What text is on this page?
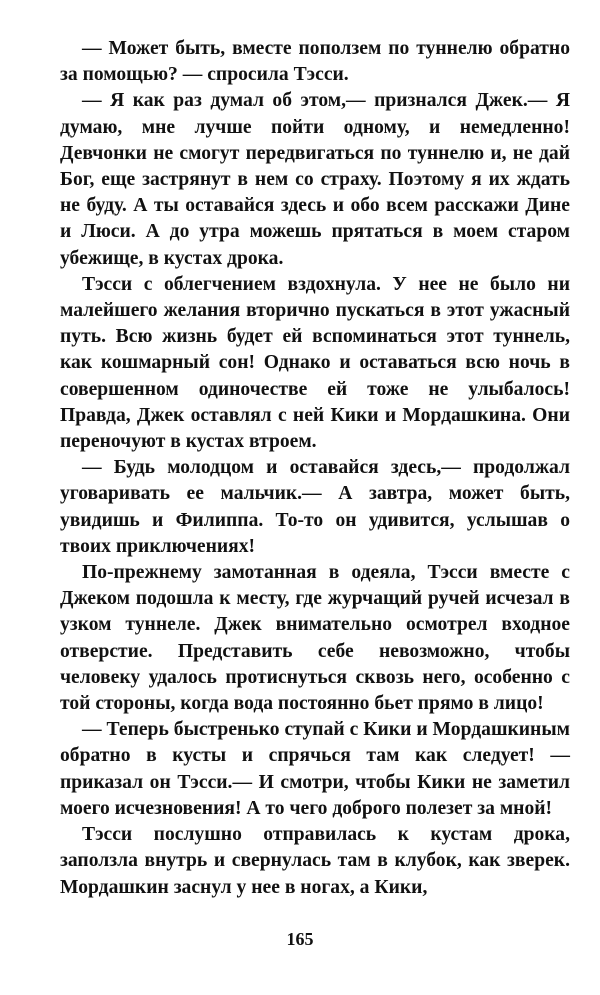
— Может быть, вместе поползем по туннелю обратно за помощью? — спросила Тэсси.

— Я как раз думал об этом,— признался Джек.— Я думаю, мне лучше пойти одному, и немедленно! Девчонки не смогут передвигаться по туннелю и, не дай Бог, еще застрянут в нем со страху. Поэтому я их ждать не буду. А ты оставайся здесь и обо всем расскажи Дине и Люси. А до утра можешь прятаться в моем старом убежище, в кустах дрока.

Тэсси с облегчением вздохнула. У нее не было ни малейшего желания вторично пускаться в этот ужасный путь. Всю жизнь будет ей вспоминаться этот туннель, как кошмарный сон! Однако и оставаться всю ночь в совершенном одиночестве ей тоже не улыбалось! Правда, Джек оставлял с ней Кики и Мордашкина. Они переночуют в кустах втроем.

— Будь молодцом и оставайся здесь,— продолжал уговаривать ее мальчик.— А завтра, может быть, увидишь и Филиппа. То-то он удивится, услышав о твоих приключениях!

По-прежнему замотанная в одеяла, Тэсси вместе с Джеком подошла к месту, где журчащий ручей исчезал в узком туннеле. Джек внимательно осмотрел входное отверстие. Представить себе невозможно, чтобы человеку удалось протиснуться сквозь него, особенно с той стороны, когда вода постоянно бьет прямо в лицо!

— Теперь быстренько ступай с Кики и Мордашкиным обратно в кусты и спрячься там как следует! — приказал он Тэсси.— И смотри, чтобы Кики не заметил моего исчезновения! А то чего доброго полезет за мной!

Тэсси послушно отправилась к кустам дрока, заползла внутрь и свернулась там в клубок, как зверек. Мордашкин заснул у нее в ногах, а Кики,

165
